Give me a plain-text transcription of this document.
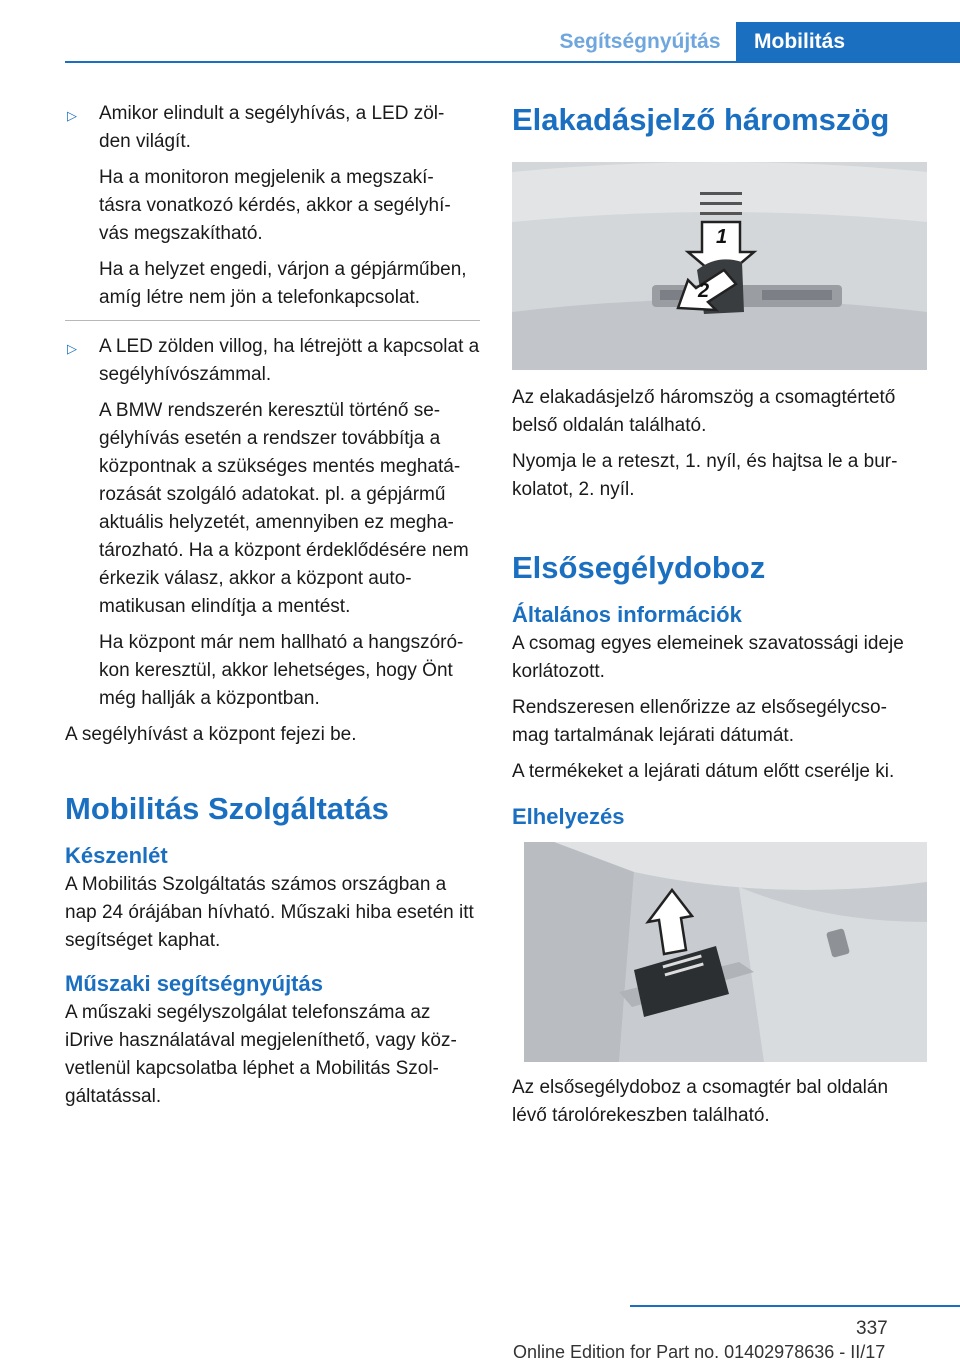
Segítségnyújtás	Mobilitás
▷ Amikor elindult a segélyhívás, a LED zöl‐ den világít.

Ha a monitoron megjelenik a megszakí‐ tásra vonatkozó kérdés, akkor a segélyhí‐ vás megszakítható.

Ha a helyzet engedi, várjon a gépjárműben, amíg létre nem jön a telefonkapcsolat.

▷ A LED zölden villog, ha létrejött a kapcsolat a segélyhívószámmal.

A BMW rendszerén keresztül történő se‐ gélyhívás esetén a rendszer továbbítja a központnak a szükséges mentés meghatá‐ rozását szolgáló adatokat. pl. a gépjármű aktuális helyzetét, amennyiben ez megha‐ tározható. Ha a központ érdeklődésére nem érkezik válasz, akkor a központ auto‐ matikusan elindítja a mentést.

Ha központ már nem hallható a hangszóró‐ kon keresztül, akkor lehetséges, hogy Önt még hallják a központban.

A segélyhívást a központ fejezi be.

Mobilitás Szolgáltatás
Készenlét

A Mobilitás Szolgáltatás számos országban a nap 24 órájában hívható. Műszaki hiba esetén itt segítséget kaphat.

Műszaki segítségnyújtás

A műszaki segélyszolgálat telefonszáma az iDrive használatával megjeleníthető, vagy köz‐ vetlenül kapcsolatba léphet a Mobilitás Szol‐ gáltatással.

Elakadásjelző háromszög
1
2

Az elakadásjelző háromszög a csomagtértető belső oldalán található.

Nyomja le a reteszt, 1. nyíl, és hajtsa le a bur‐ kolatot, 2. nyíl.

Elsősegélydoboz
Általános információk

A csomag egyes elemeinek szavatossági ideje korlátozott.

Rendszeresen ellenőrizze az elsősegélycso‐ mag tartalmának lejárati dátumát.

A termékeket a lejárati dátum előtt cserélje ki.

Elhelyezés

Az elsősegélydoboz a csomagtér bal oldalán lévő tárolórekeszben található.

337
Online Edition for Part no. 01402978636 - II/17
